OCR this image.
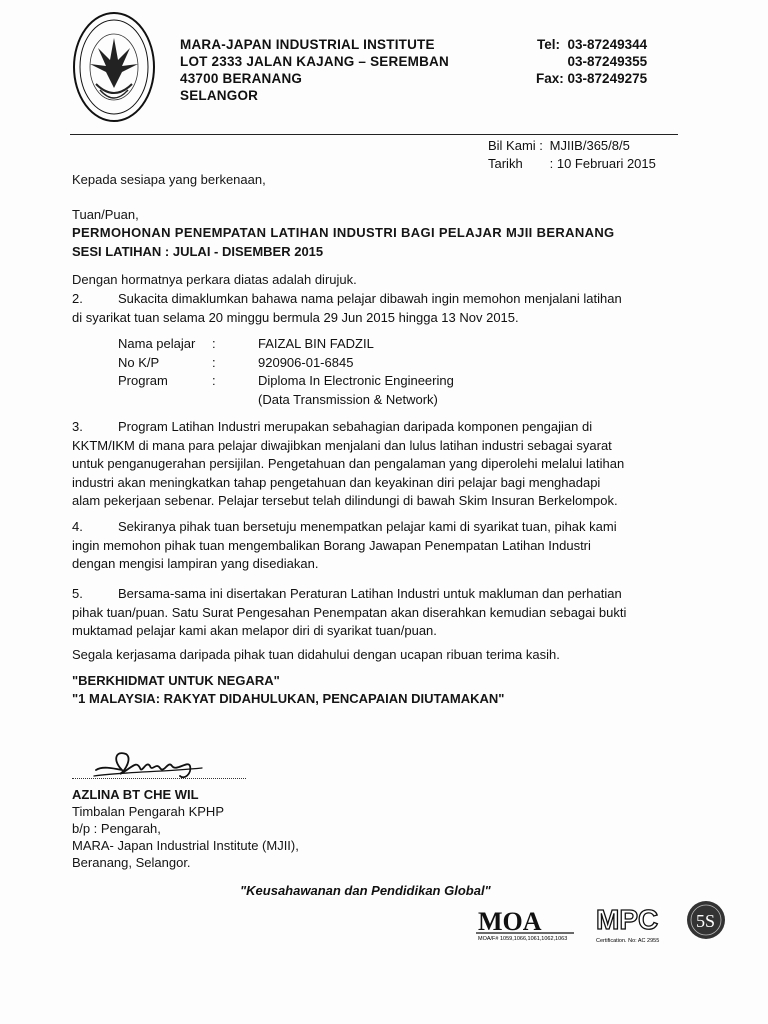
MARA-JAPAN INDUSTRIAL INSTITUTE
LOT 2333 JALAN KAJANG – SEREMBAN
43700 BERANANG
SELANGOR
Tel: 03-87249344
03-87249355
Fax: 03-87249275
Bil Kami : MJIIB/365/8/5
Tarikh : 10 Februari 2015
Kepada sesiapa yang berkenaan,
Tuan/Puan,
PERMOHONAN PENEMPATAN LATIHAN INDUSTRI BAGI PELAJAR MJII BERANANG
SESI LATIHAN : JULAI - DISEMBER 2015
Dengan hormatnya perkara diatas adalah dirujuk.
2.	Sukacita dimaklumkan bahawa nama pelajar dibawah ingin memohon menjalani latihan
di syarikat tuan selama 20 minggu bermula 29 Jun 2015 hingga 13 Nov 2015.
Nama pelajar :	FAIZAL BIN FADZIL
No K/P	:	920906-01-6845
Program	:	Diploma In Electronic Engineering
(Data Transmission & Network)
3.	Program Latihan Industri merupakan sebahagian daripada komponen pengajian di
KKTM/IKM di mana para pelajar diwajibkan menjalani dan lulus latihan industri sebagai syarat
untuk penganugerahan persijilan. Pengetahuan dan pengalaman yang diperolehi melalui latihan
industri akan meningkatkan tahap pengetahuan dan keyakinan diri pelajar bagi menghadapi
alam pekerjaan sebenar. Pelajar tersebut telah dilindungi di bawah Skim Insuran Berkelompok.
4.	Sekiranya pihak tuan bersetuju menempatkan pelajar kami di syarikat tuan, pihak kami
ingin memohon pihak tuan mengembalikan Borang Jawapan Penempatan Latihan Industri
dengan mengisi lampiran yang disediakan.
5.	Bersama-sama ini disertakan Peraturan Latihan Industri untuk makluman dan perhatian
pihak tuan/puan. Satu Surat Pengesahan Penempatan akan diserahkan kemudian sebagai bukti
muktamad pelajar kami akan melapor diri di syarikat tuan/puan.
Segala kerjasama daripada pihak tuan didahului dengan ucapan ribuan terima kasih.
"BERKHIDMAT UNTUK NEGARA"
"1 MALAYSIA: RAKYAT DIDAHULUKAN, PENCAPAIAN DIUTAMAKAN"
AZLINA BT CHE WIL
Timbalan Pengarah KPHP
b/p : Pengarah,
MARA- Japan Industrial Institute (MJII),
Beranang, Selangor.
"Keusahawanan dan Pendidikan Global"
MOA
MOA/F# 1059,1066,1061,1062,1063
MPC 5S
Certification. No: AC 2955
